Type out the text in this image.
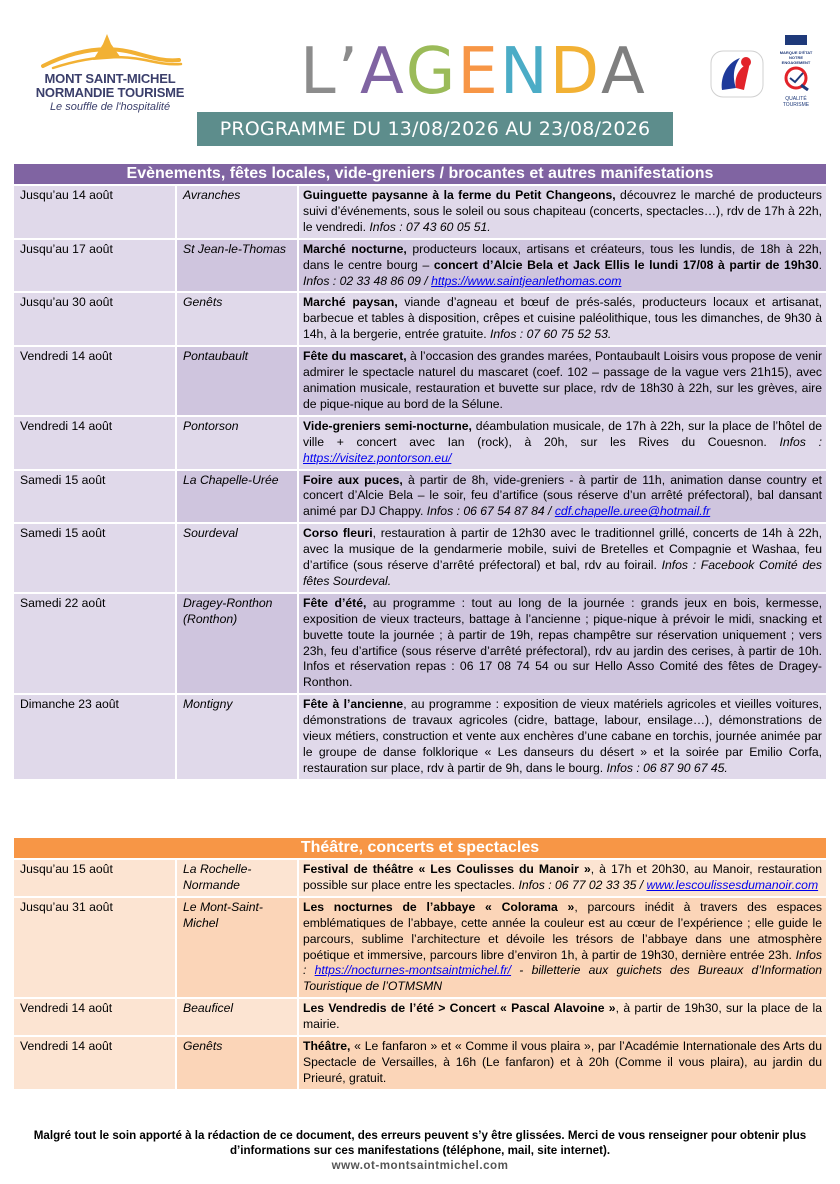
MONT SAINT-MICHEL
NORMANDIE TOURISME
Le souffle de l'hospitalité	L ’ A G E N D A
PROGRAMME DU 13/08/2026 AU 23/08/2026
MARQUE D'ÉTAT
NOTRE ENGAGEMENT
QUALITÉ
TOURISME
Evènements, fêtes locales, vide-greniers / brocantes et autres manifestations
Jusqu’au 14 août	Avranches	Guinguette paysanne à la ferme du Petit Changeons, découvrez le marché de producteurs suivi d’événements, sous le soleil ou sous chapiteau (concerts, spectacles…), rdv de 17h à 22h, le vendredi. Infos : 07 43 60 05 51.
Jusqu’au 17 août	St Jean-le-Thomas	Marché nocturne, producteurs locaux, artisans et créateurs, tous les lundis, de 18h à 22h, dans le centre bourg – concert d’Alcie Bela et Jack Ellis le lundi 17/08 à partir de 19h30. Infos : 02 33 48 86 09 / https://www.saintjeanlethomas.com
Jusqu’au 30 août	Genêts	Marché paysan, viande d’agneau et bœuf de prés-salés, producteurs locaux et artisanat, barbecue et tables à disposition, crêpes et cuisine paléolithique, tous les dimanches, de 9h30 à 14h, à la bergerie, entrée gratuite. Infos : 07 60 75 52 53.
Vendredi 14 août	Pontaubault	Fête du mascaret, à l’occasion des grandes marées, Pontaubault Loisirs vous propose de venir admirer le spectacle naturel du mascaret (coef. 102 – passage de la vague vers 21h15), avec animation musicale, restauration et buvette sur place, rdv de 18h30 à 22h, sur les grèves, aire de pique-nique au bord de la Sélune.
Vendredi 14 août	Pontorson	Vide-greniers semi-nocturne, déambulation musicale, de 17h à 22h, sur la place de l’hôtel de ville + concert avec Ian (rock), à 20h, sur les Rives du Couesnon. Infos : https://visitez.pontorson.eu/
Samedi 15 août	La Chapelle-Urée	Foire aux puces, à partir de 8h, vide-greniers - à partir de 11h, animation danse country et concert d’Alcie Bela – le soir, feu d’artifice (sous réserve d’un arrêté préfectoral), bal dansant animé par DJ Chappy. Infos : 06 67 54 87 84 / cdf.chapelle.uree@hotmail.fr
Samedi 15 août	Sourdeval	Corso fleuri, restauration à partir de 12h30 avec le traditionnel grillé, concerts de 14h à 22h, avec la musique de la gendarmerie mobile, suivi de Bretelles et Compagnie et Washaa, feu d’artifice (sous réserve d’arrêté préfectoral) et bal, rdv au foirail. Infos : Facebook Comité des fêtes Sourdeval.
Samedi 22 août	Dragey-Ronthon (Ronthon)	Fête d’été, au programme : tout au long de la journée : grands jeux en bois, kermesse, exposition de vieux tracteurs, battage à l’ancienne ; pique-nique à prévoir le midi, snacking et buvette toute la journée ; à partir de 19h, repas champêtre sur réservation uniquement ; vers 23h, feu d’artifice (sous réserve d’arrêté préfectoral), rdv au jardin des cerises, à partir de 10h. Infos et réservation repas : 06 17 08 74 54 ou sur Hello Asso Comité des fêtes de Dragey-Ronthon.
Dimanche 23 août	Montigny	Fête à l’ancienne, au programme : exposition de vieux matériels agricoles et vieilles voitures, démonstrations de travaux agricoles (cidre, battage, labour, ensilage…), démonstrations de vieux métiers, construction et vente aux enchères d’une cabane en torchis, journée animée par le groupe de danse folklorique « Les danseurs du désert » et la soirée par Emilio Corfa, restauration sur place, rdv à partir de 9h, dans le bourg. Infos : 06 87 90 67 45.
Théâtre, concerts et spectacles
Jusqu’au 15 août	La Rochelle-Normande	Festival de théâtre « Les Coulisses du Manoir », à 17h et 20h30, au Manoir, restauration possible sur place entre les spectacles. Infos : 06 77 02 33 35 / www.lescoulissesdumanoir.com
Jusqu’au 31 août	Le Mont-Saint-Michel	Les nocturnes de l’abbaye « Colorama », parcours inédit à travers des espaces emblématiques de l’abbaye, cette année la couleur est au cœur de l’expérience ; elle guide le parcours, sublime l’architecture et dévoile les trésors de l’abbaye dans une atmosphère poétique et immersive, parcours libre d’environ 1h, à partir de 19h30, dernière entrée 23h. Infos : https://nocturnes-montsaintmichel.fr/ - billetterie aux guichets des Bureaux d’Information Touristique de l’OTMSMN
Vendredi 14 août	Beauficel	Les Vendredis de l’été > Concert « Pascal Alavoine », à partir de 19h30, sur la place de la mairie.
Vendredi 14 août	Genêts	Théâtre, « Le fanfaron » et « Comme il vous plaira », par l’Académie Internationale des Arts du Spectacle de Versailles, à 16h (Le fanfaron) et à 20h (Comme il vous plaira), au jardin du Prieuré, gratuit.
Malgré tout le soin apporté à la rédaction de ce document, des erreurs peuvent s’y être glissées. Merci de vous renseigner pour obtenir plus d’informations sur ces manifestations (téléphone, mail, site internet).
www.ot-montsaintmichel.com
